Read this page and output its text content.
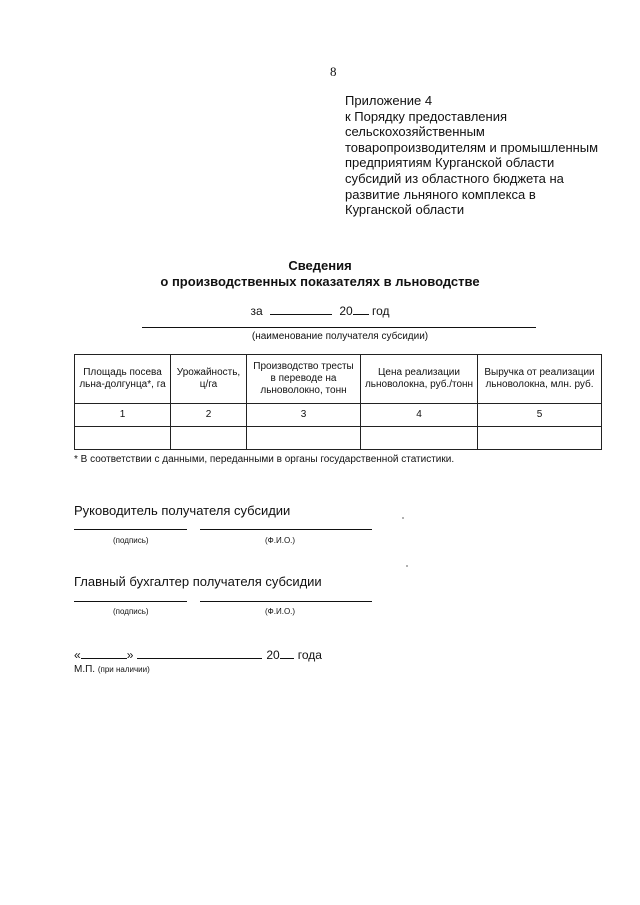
8
Приложение 4
к Порядку предоставления
сельскохозяйственным
товаропроизводителям и промышленным
предприятиям Курганской области
субсидий из областного бюджета на
развитие льняного комплекса в
Курганской области
Сведения
о производственных показателях в льноводстве
за	20 год
(наименование получателя субсидии)
Площадь посева льна-долгунца*, га	Урожайность, ц/га	Производство тресты в переводе на льноволокно, тонн	Цена реализации льноволокна, руб./тонн	Выручка от реализации льноволокна, млн. руб.
1	2	3	4	5

* В соответствии с данными, переданными в органы государственной статистики.
Руководитель получателя субсидии
(подпись)	(Ф.И.О.)
Главный бухгалтер получателя субсидии
(подпись)	(Ф.И.О.)
«	»	20 года
М.П. (при наличии)
